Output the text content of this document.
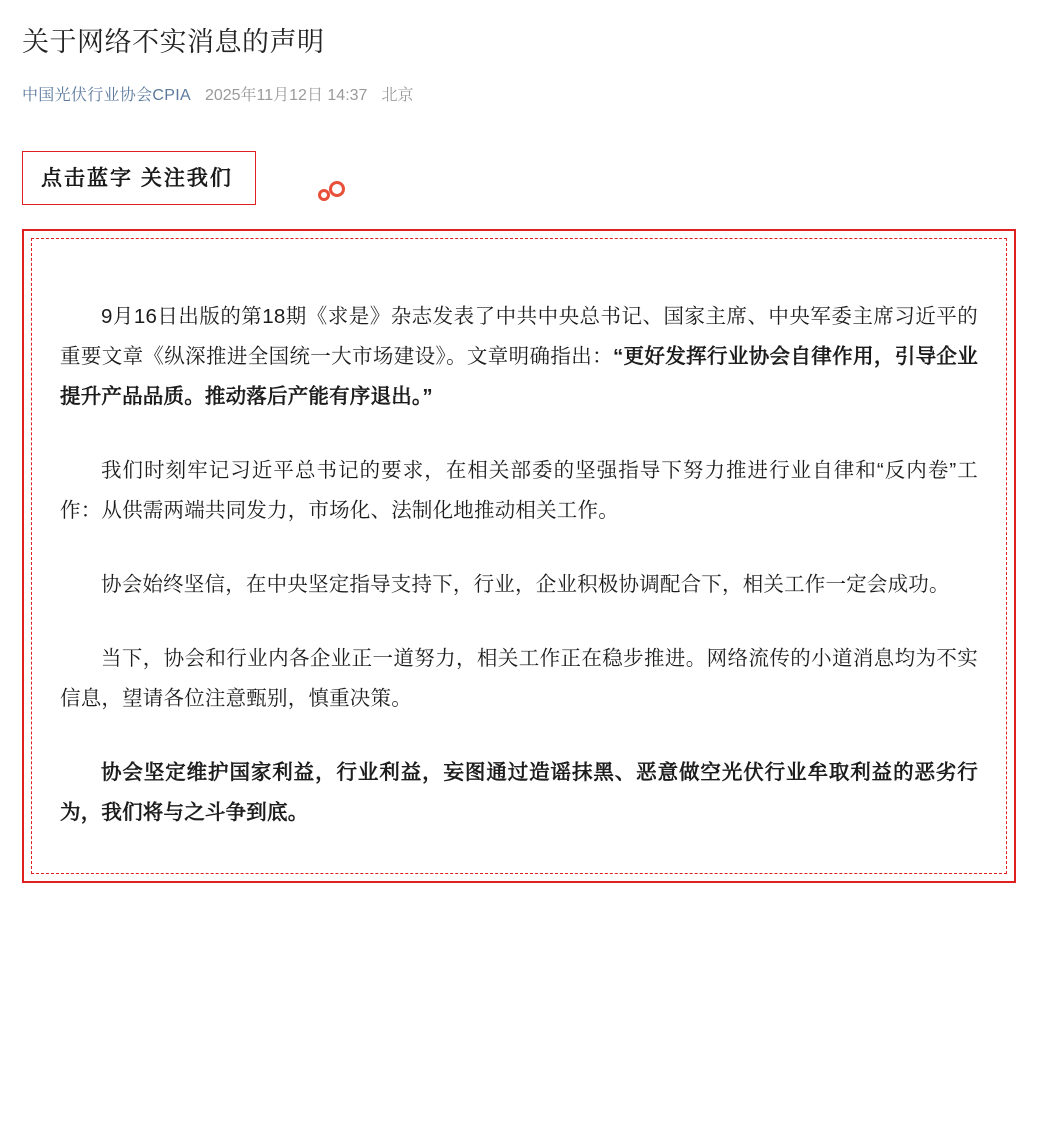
关于网络不实消息的声明
中国光伏行业协会CPIA 2025年11月12日 14:37 北京
点击蓝字 关注我们

9月16日出版的第18期《求是》杂志发表了中共中央总书记、国家主席、中央军委主席习近平的重要文章《纵深推进全国统一大市场建设》。文章明确指出：“更好发挥行业协会自律作用，引导企业提升产品品质。推动落后产能有序退出。”

我们时刻牢记习近平总书记的要求，在相关部委的坚强指导下努力推进行业自律和“反内卷”工作：从供需两端共同发力，市场化、法制化地推动相关工作。

协会始终坚信，在中央坚定指导支持下，行业，企业积极协调配合下，相关工作一定会成功。

当下，协会和行业内各企业正一道努力，相关工作正在稳步推进。网络流传的小道消息均为不实信息，望请各位注意甄别，慎重决策。

协会坚定维护国家利益，行业利益，妄图通过造谣抹黑、恶意做空光伏行业牟取利益的恶劣行为，我们将与之斗争到底。
